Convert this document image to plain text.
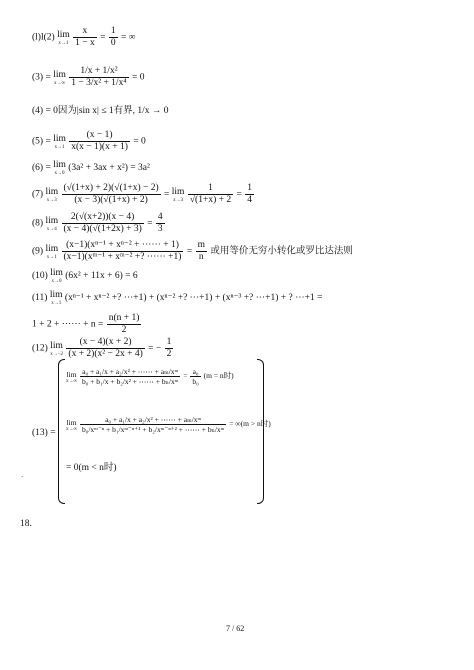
(l)l(2) lim
x→1
$\frac{x}{1 - x} = \frac{1}{0}$ = ∞
(3) = lim
x→∞
$\frac{\text{1/x + 1/x²}}{\text{1 − 3/x² + 1/x⁴}} = 0$
(4) = 0因为|sin x| ≤ 1有界, 1/x → 0
(5) = lim
x→1
$\frac{(x - 1)}{x(x - 1)(x + 1)} = 0$
(6) = lim
x→0
(3a² + 3ax + x²) = 3a²
(7) lim
x→3
$\frac{(√(1+x) + 2)(√(1+x) - 2)}{(x - 3)(√(1+x) + 2)} = \lim$
x→3
$\frac{1}{√(1+x) + 2} = \frac{1}{4}$
(8) lim
x→4
$\frac{2(√(x+2))(x - 4)}{(x - 4)(√(1+2x) + 3)} = \frac{4}{3}$
(9) lim
x→1
$\frac{\text{(x−1)(xⁿ⁻¹ + xⁿ⁻² + ⋯⋯ + 1)}}{\text{(x−1)(xᵐ⁻¹ + xᵐ⁻² +? ⋯⋯ +1)}} = \frac{m}{n}$ 或用等价无穷小转化或罗比达法则
(10) lim
x→0
(6x² + 11x + 6) = 6
(11) lim
x→1
(xⁿ⁻¹ + xⁿ⁻² +? ⋯+1) + (xⁿ⁻² +? ⋯+1) + (xⁿ⁻³ +? ⋯+1) + ? ⋯+1 =
1 + 2 + ⋯⋯ + $n = \frac{n(n + 1)}{2}$
(12) lim
x→−2
$\frac{(x - 4)(x + 2)}{\text{(x + 2)(x² − 2x + 4)}}$ = − $\frac{1}{2}$
(13) =
lim
x→∞
$\frac{\text{a₀ + a₁/x + a₂/x² + ⋯⋯ + aₘ/xᵐ}}{\text{b₀ + b₁/x + b₂/x² + ⋯⋯ + bₙ/xᵐ}} = \frac{\text{a₀}}{\text{b₀}} (m = n$时)
lim
x→∞
$\frac{\text{a₀ + a₁/x + a₂/x² + ⋯⋯ + aₘ/xᵐ}}{\text{b₀/xᵐ⁻ⁿ + b₁/xᵐ⁻ⁿ⁺¹ + b₂/xᵐ⁻ⁿ⁺² + ⋯⋯ + bₙ/xᵐ}} = \infty(m > n$时)
= 0(m < n时)
`
18.
7 / 62
